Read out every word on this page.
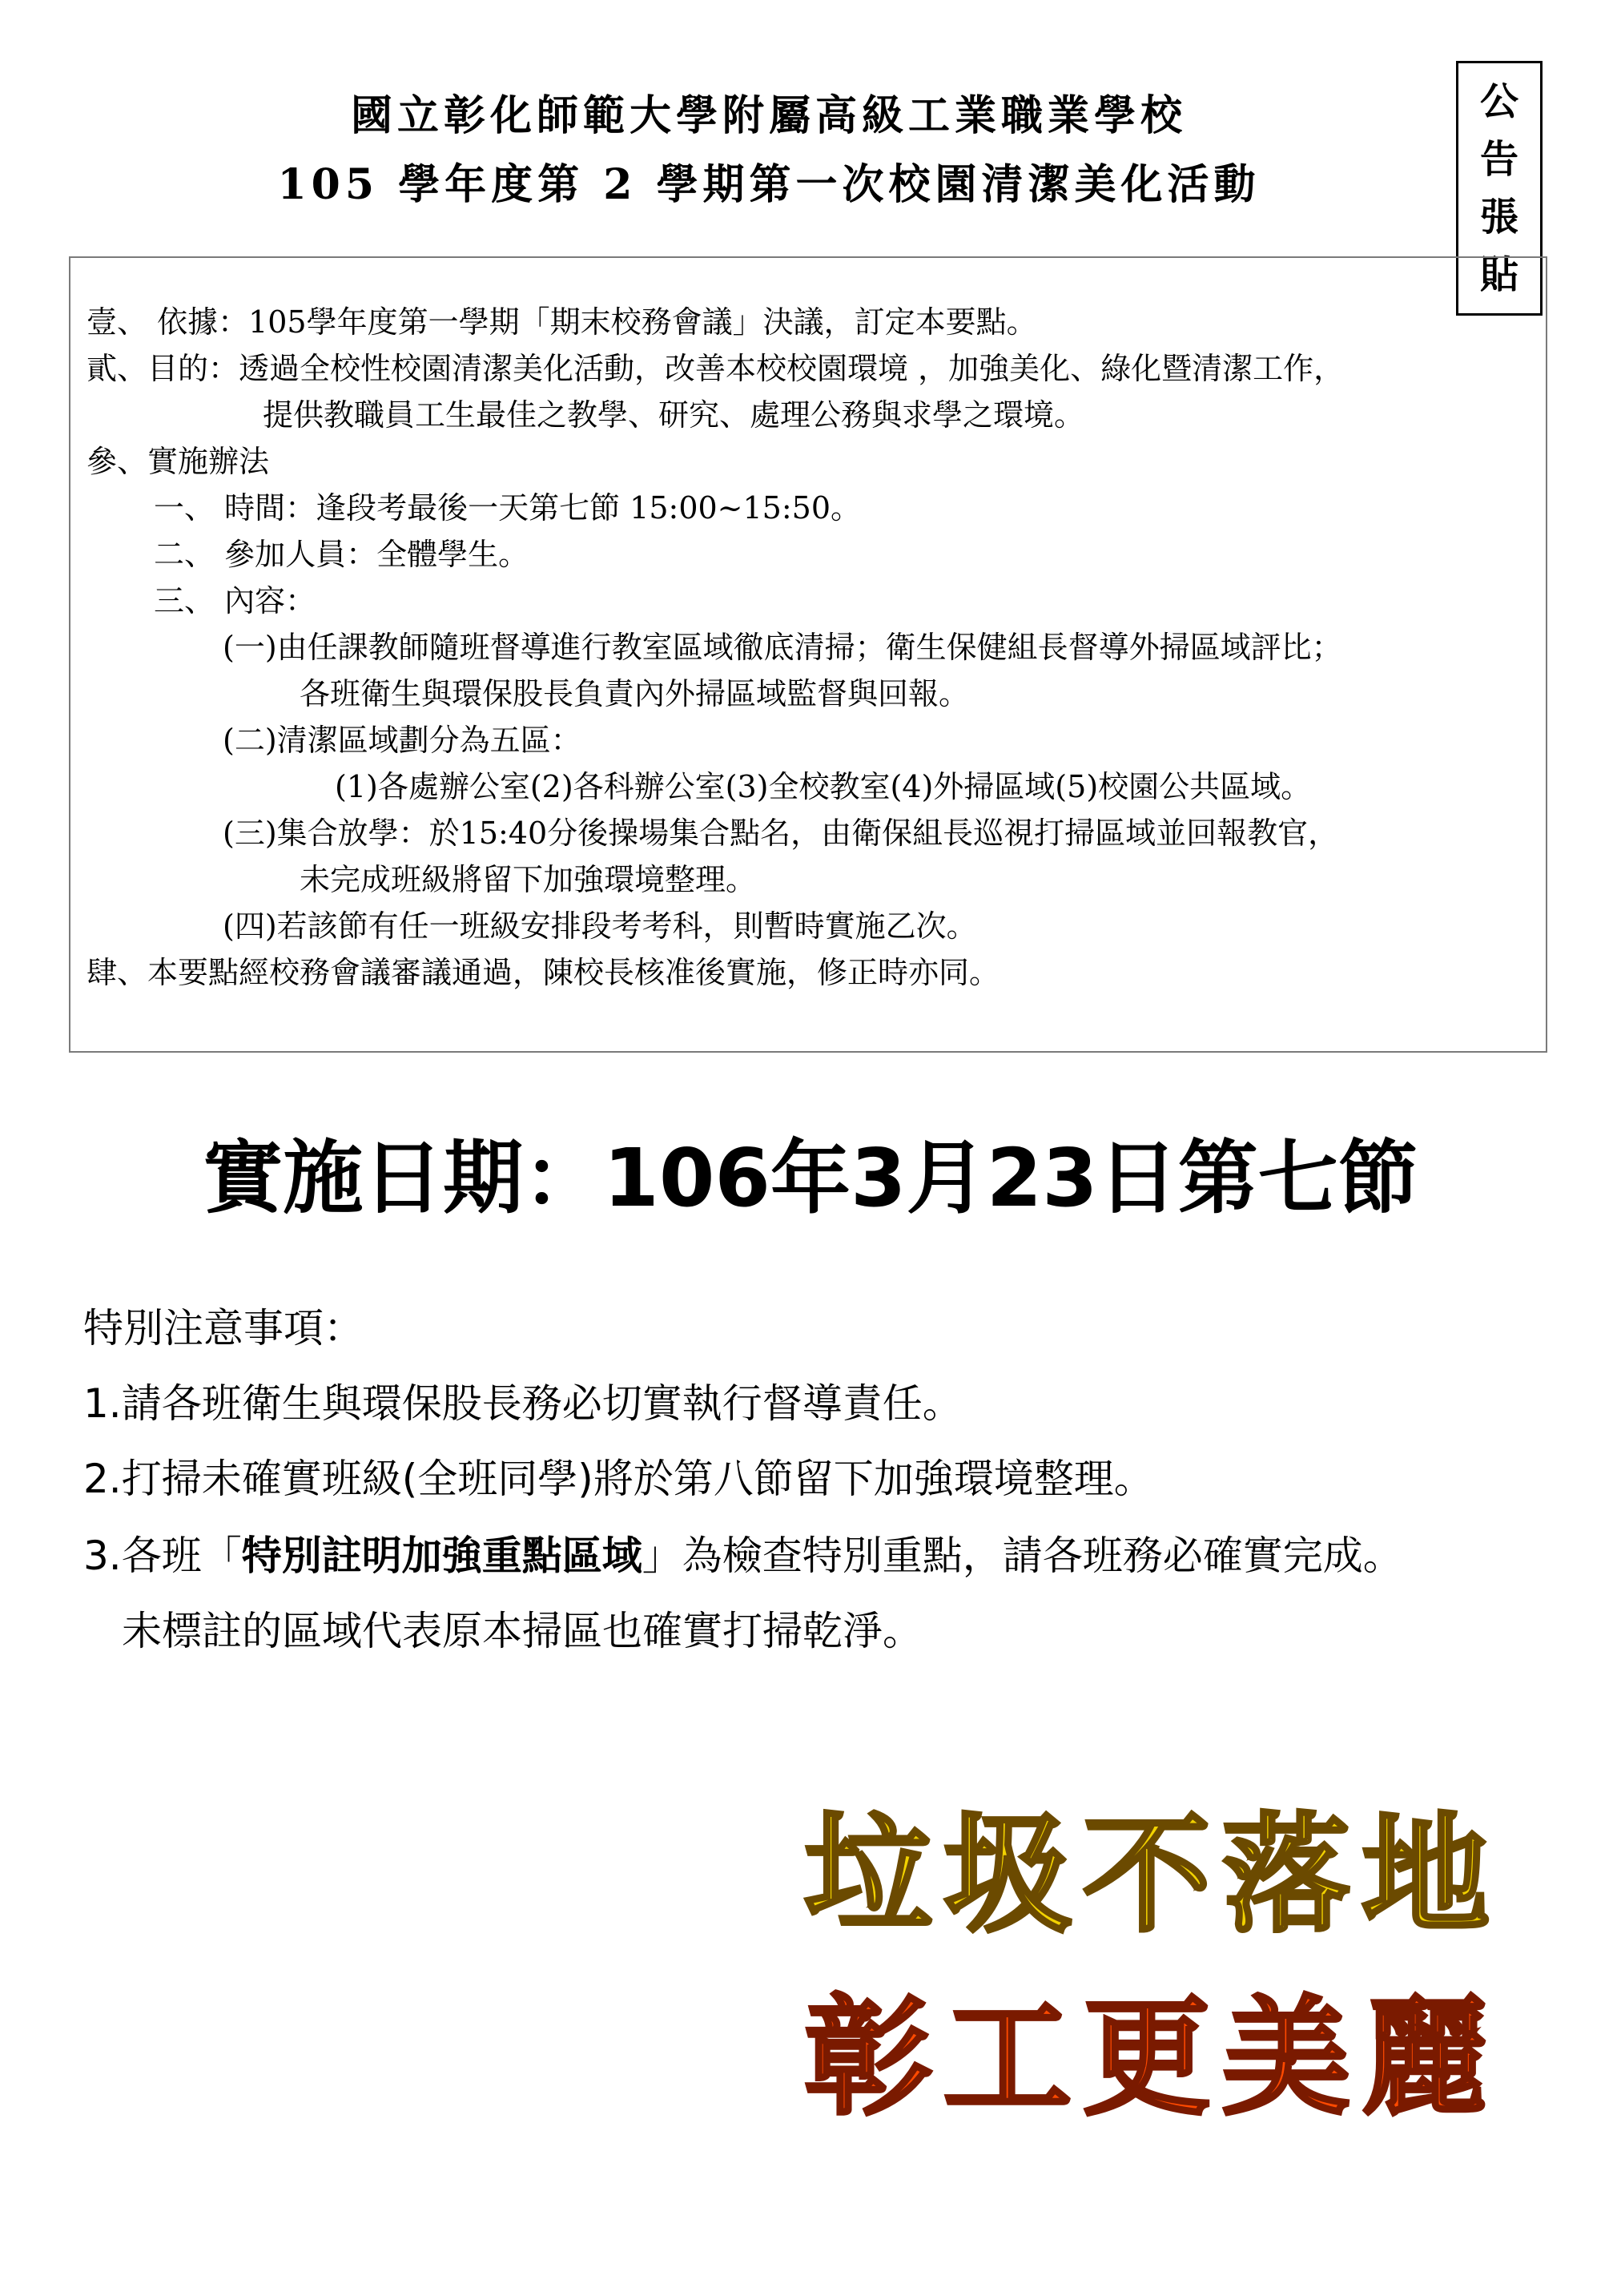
國立彰化師範大學附屬高級工業職業學校
105 學年度第 2 學期第一次校園清潔美化活動
公
告
張
貼
壹、 依據：105學年度第一學期「期末校務會議」決議，訂定本要點。
貳、目的：透過全校性校園清潔美化活動，改善本校校園環境 ，加強美化、綠化暨清潔工作，
提供教職員工生最佳之教學、研究、處理公務與求學之環境。
參、實施辦法
一、 時間：逢段考最後一天第七節 15:00~15:50。
二、 參加人員：全體學生。
三、 內容：
(一)由任課教師隨班督導進行教室區域徹底清掃；衛生保健組長督導外掃區域評比；
各班衛生與環保股長負責內外掃區域監督與回報。
(二)清潔區域劃分為五區：
(1)各處辦公室(2)各科辦公室(3)全校教室(4)外掃區域(5)校園公共區域。
(三)集合放學：於15:40分後操場集合點名，由衛保組長巡視打掃區域並回報教官，
未完成班級將留下加強環境整理。
(四)若該節有任一班級安排段考考科，則暫時實施乙次。
肆、本要點經校務會議審議通過，陳校長核准後實施，修正時亦同。
實施日期：106年3月23日第七節
特別注意事項：
1.請各班衛生與環保股長務必切實執行督導責任。
2.打掃未確實班級(全班同學)將於第八節留下加強環境整理。
3.各班「特別註明加強重點區域」為檢查特別重點，請各班務必確實完成。
未標註的區域代表原本掃區也確實打掃乾淨。
垃圾不落地
彰工更美麗
